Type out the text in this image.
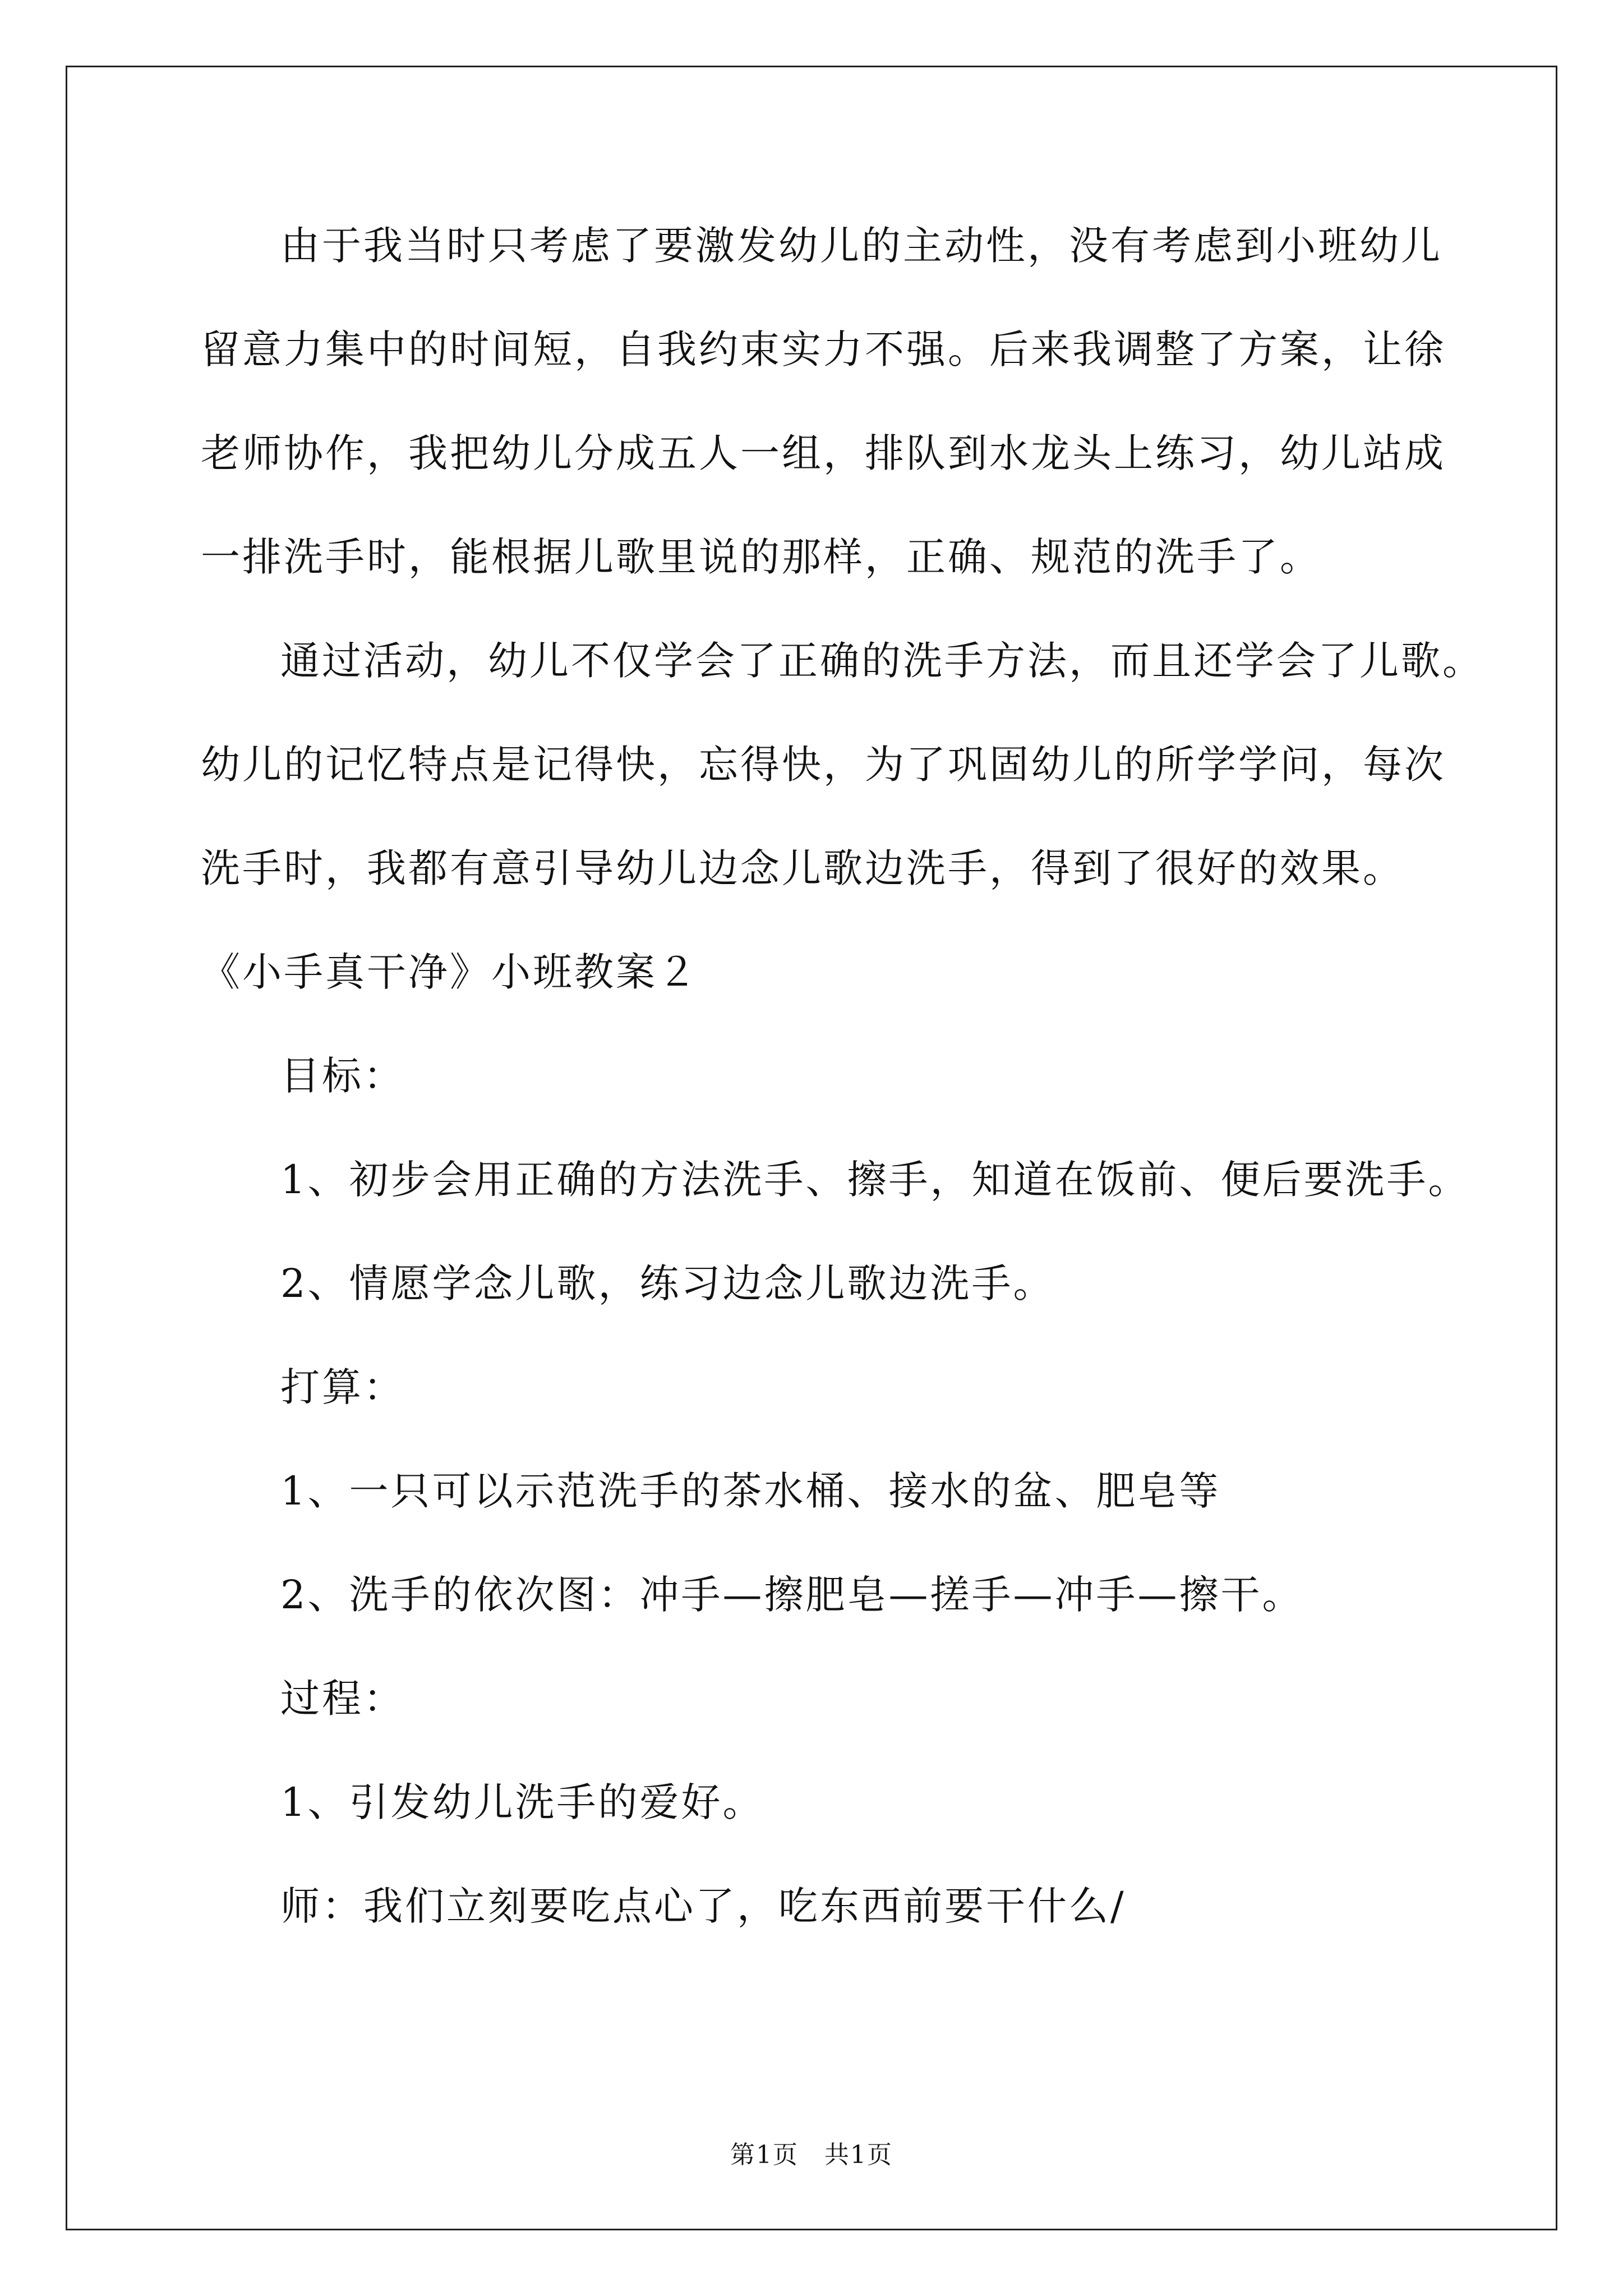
由于我当时只考虑了要激发幼儿的主动性，没有考虑到小班幼儿
留意力集中的时间短，自我约束实力不强。后来我调整了方案，让徐
老师协作，我把幼儿分成五人一组，排队到水龙头上练习，幼儿站成
一排洗手时，能根据儿歌里说的那样，正确、规范的洗手了。
通过活动，幼儿不仅学会了正确的洗手方法，而且还学会了儿歌。
幼儿的记忆特点是记得快，忘得快，为了巩固幼儿的所学学问，每次
洗手时，我都有意引导幼儿边念儿歌边洗手，得到了很好的效果。
《小手真干净》小班教案２
目标：
1、初步会用正确的方法洗手、擦手，知道在饭前、便后要洗手。
2、情愿学念儿歌，练习边念儿歌边洗手。
打算：
1、一只可以示范洗手的茶水桶、接水的盆、肥皂等
2、洗手的依次图：冲手—擦肥皂—搓手—冲手—擦干。
过程：
1、引发幼儿洗手的爱好。
师：我们立刻要吃点心了，吃东西前要干什么/
第1页　共1页
